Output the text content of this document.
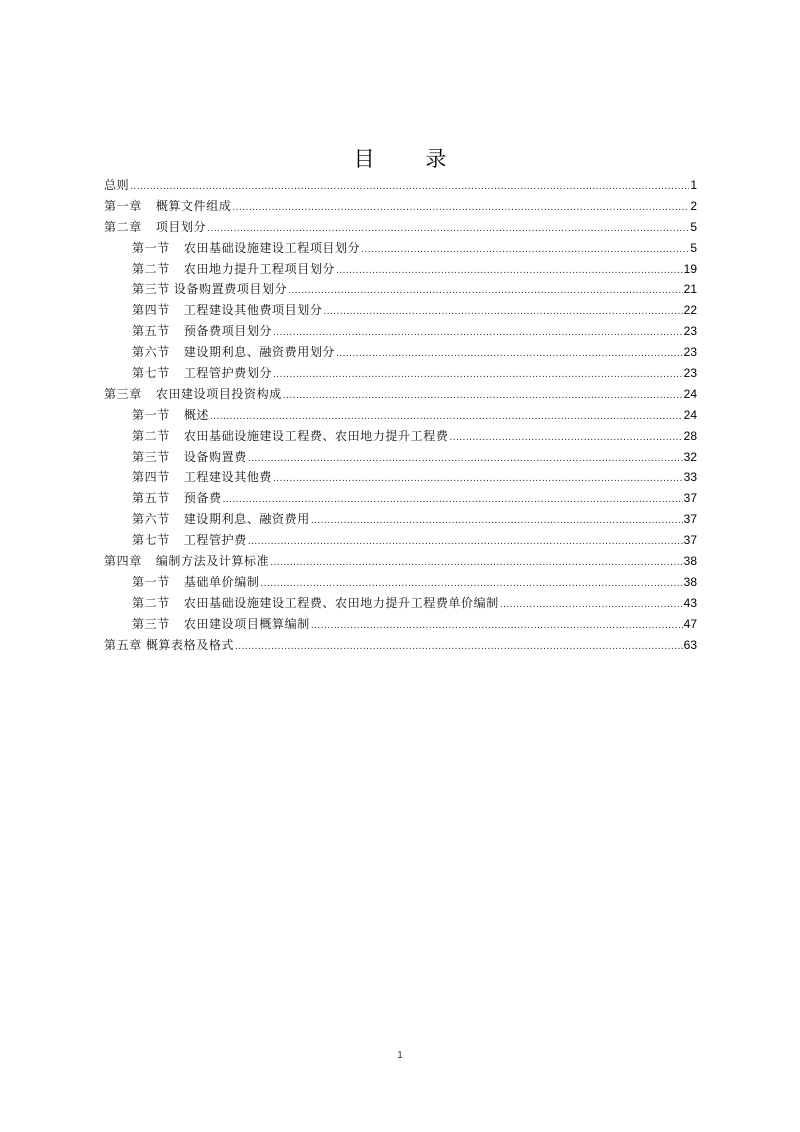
目 录
总则 .....	1
第一章 概算文件组成 .....	2
第二章 项目划分 .....	5
第一节 农田基础设施建设工程项目划分 .....	5
第二节 农田地力提升工程项目划分 .....	19
第三节 设备购置费项目划分 .....	21
第四节 工程建设其他费项目划分 .....	22
第五节 预备费项目划分 .....	23
第六节 建设期利息、融资费用划分 .....	23
第七节 工程管护费划分 .....	23
第三章 农田建设项目投资构成 .....	24
第一节 概述 .....	24
第二节 农田基础设施建设工程费、农田地力提升工程费 .....	28
第三节 设备购置费 .....	32
第四节 工程建设其他费 .....	33
第五节 预备费 .....	37
第六节 建设期利息、融资费用 .....	37
第七节 工程管护费 .....	37
第四章 编制方法及计算标准 .....	38
第一节 基础单价编制 .....	38
第二节 农田基础设施建设工程费、农田地力提升工程费单价编制 .....	43
第三节 农田建设项目概算编制 .....	47
第五章 概算表格及格式 .....	63
1
